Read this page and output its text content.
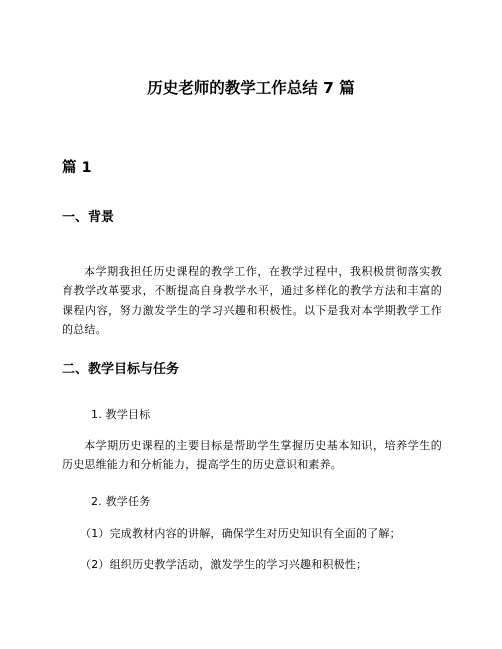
历史老师的教学工作总结 7 篇
篇 1
一、背景
本学期我担任历史课程的教学工作，在教学过程中，我积极贯彻落实教育教学改革要求，不断提高自身教学水平，通过多样化的教学方法和丰富的课程内容，努力激发学生的学习兴趣和积极性。以下是我对本学期教学工作的总结。
二、教学目标与任务
1. 教学目标
本学期历史课程的主要目标是帮助学生掌握历史基本知识，培养学生的历史思维能力和分析能力，提高学生的历史意识和素养。
2. 教学任务
（1）完成教材内容的讲解，确保学生对历史知识有全面的了解；
（2）组织历史教学活动，激发学生的学习兴趣和积极性；
